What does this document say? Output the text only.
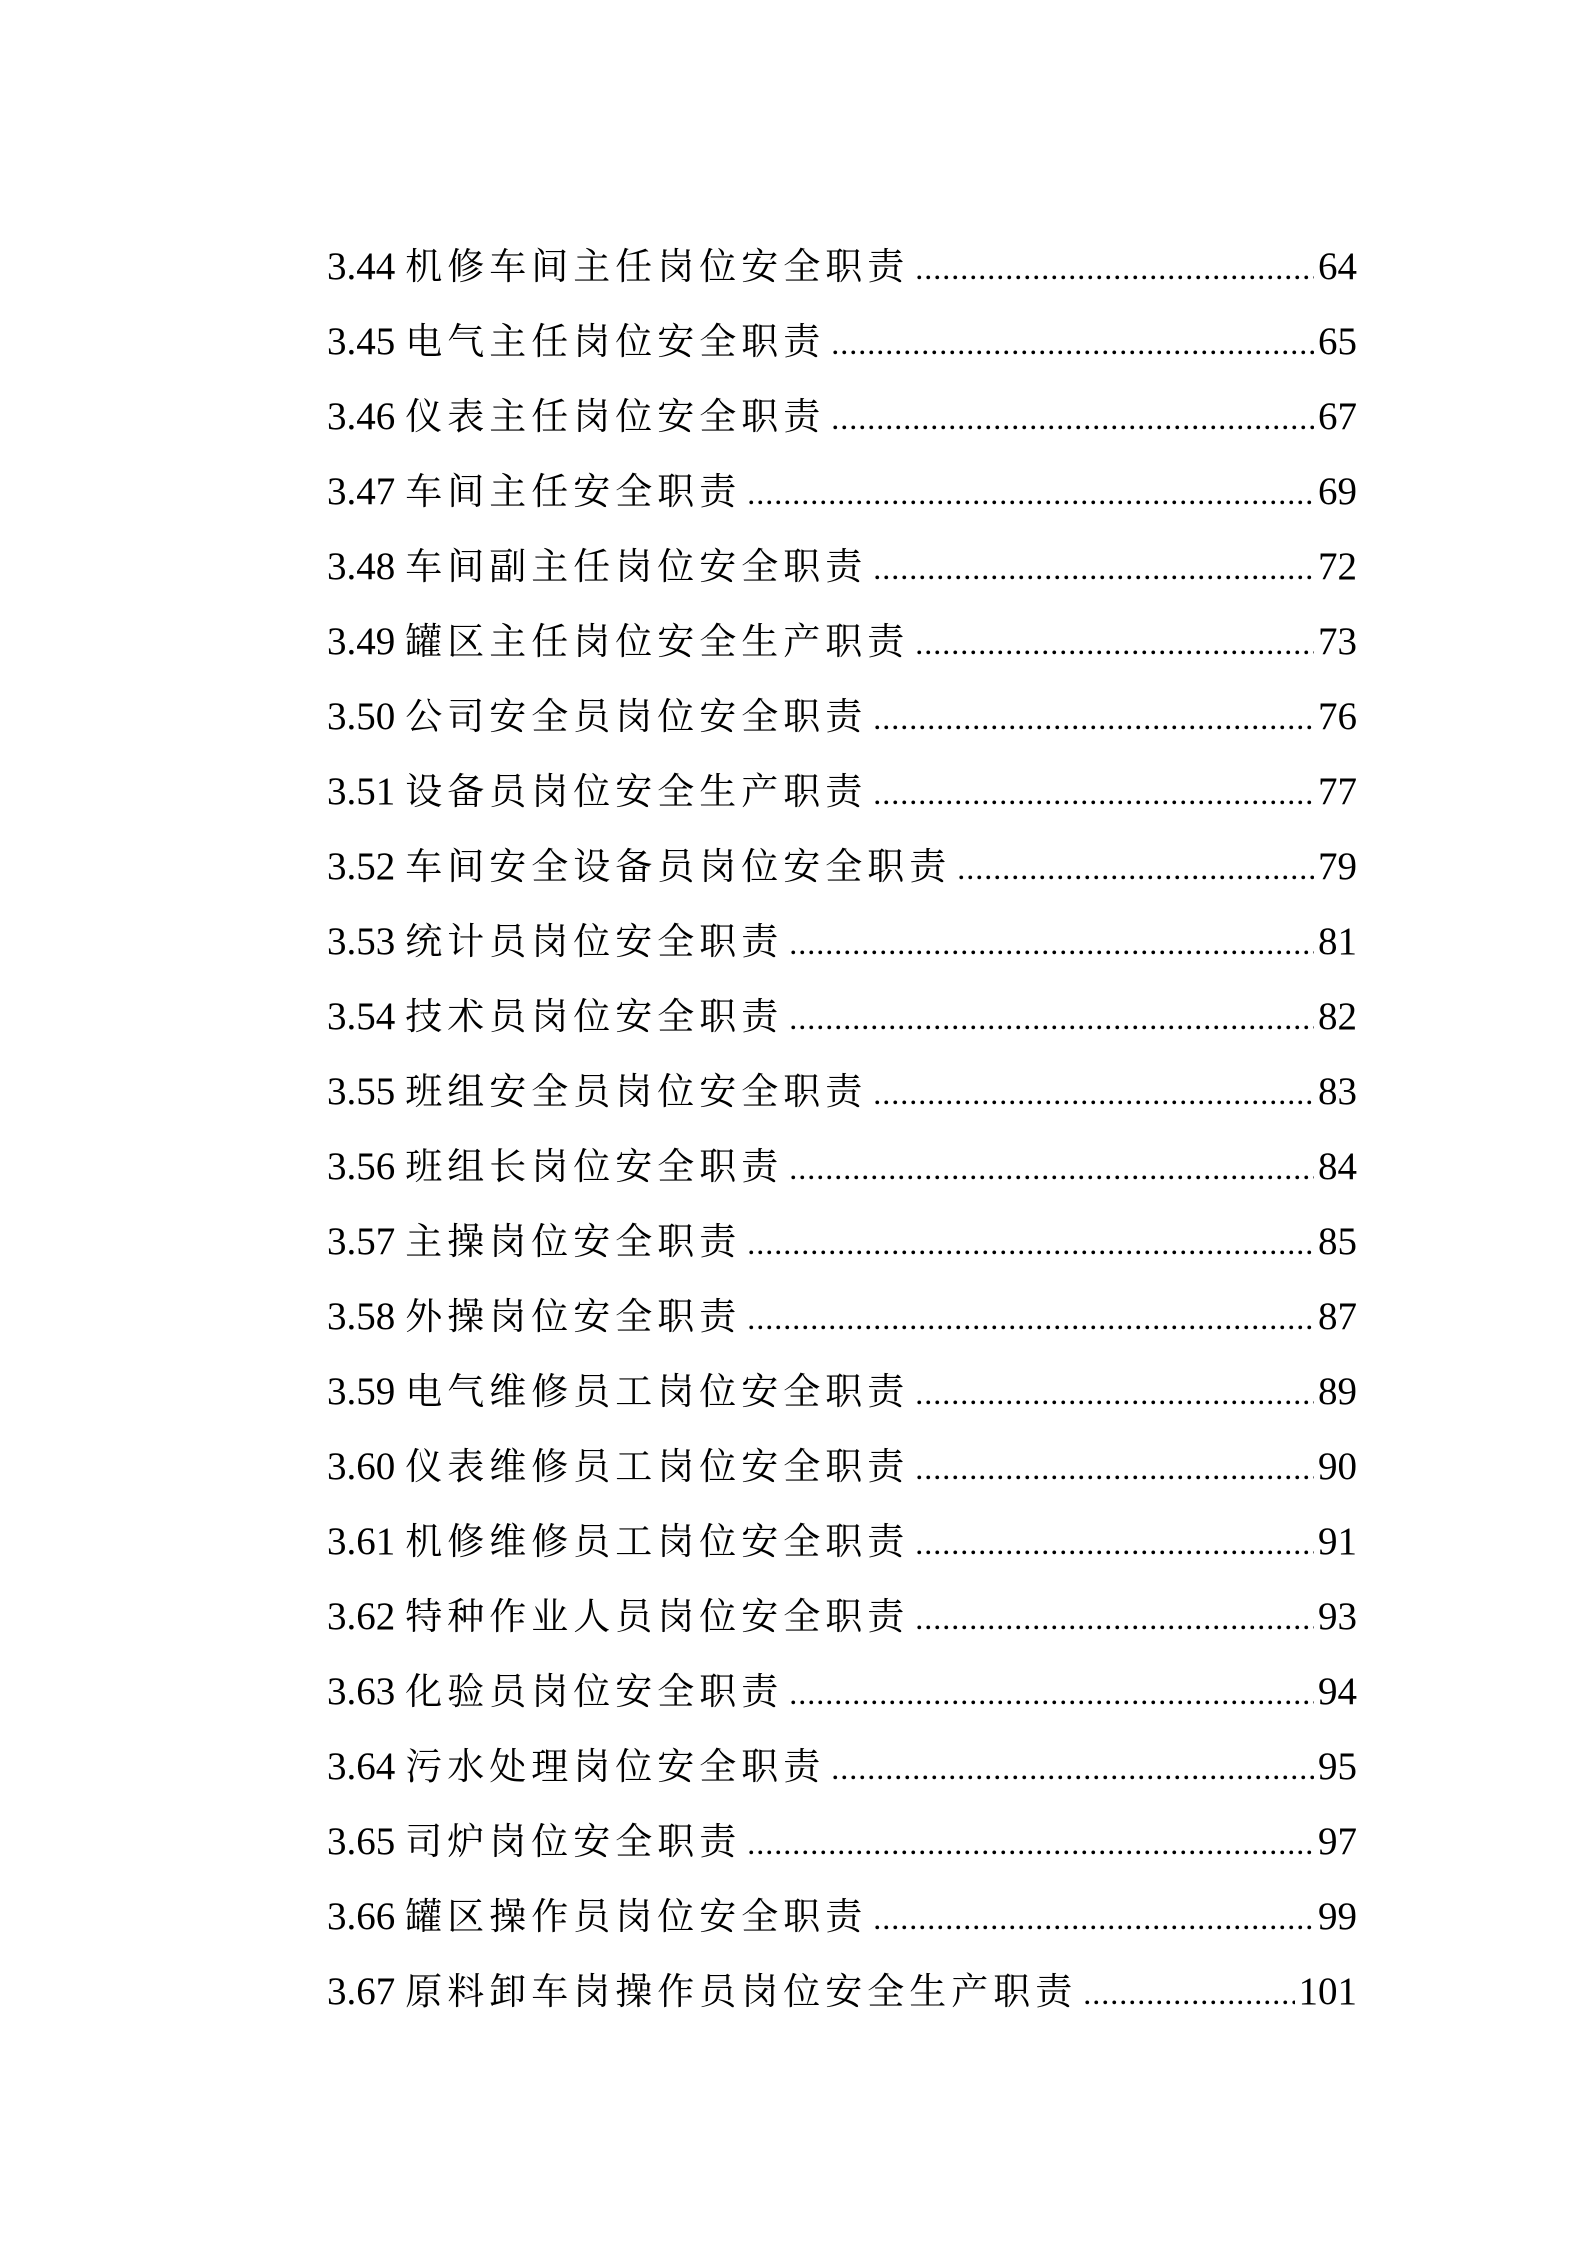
3.44 机修车间主任岗位安全职责 .....	64
3.45 电气主任岗位安全职责 .....	65
3.46 仪表主任岗位安全职责 .....	67
3.47 车间主任安全职责 .....	69
3.48 车间副主任岗位安全职责 .....	72
3.49 罐区主任岗位安全生产职责 .....	73
3.50 公司安全员岗位安全职责 .....	76
3.51 设备员岗位安全生产职责 .....	77
3.52 车间安全设备员岗位安全职责 .....	79
3.53 统计员岗位安全职责 .....	81
3.54 技术员岗位安全职责 .....	82
3.55 班组安全员岗位安全职责 .....	83
3.56 班组长岗位安全职责 .....	84
3.57 主操岗位安全职责 .....	85
3.58 外操岗位安全职责 .....	87
3.59 电气维修员工岗位安全职责 .....	89
3.60 仪表维修员工岗位安全职责 .....	90
3.61 机修维修员工岗位安全职责 .....	91
3.62 特种作业人员岗位安全职责 .....	93
3.63 化验员岗位安全职责 .....	94
3.64 污水处理岗位安全职责 .....	95
3.65 司炉岗位安全职责 .....	97
3.66 罐区操作员岗位安全职责 .....	99
3.67 原料卸车岗操作员岗位安全生产职责 .....	101
